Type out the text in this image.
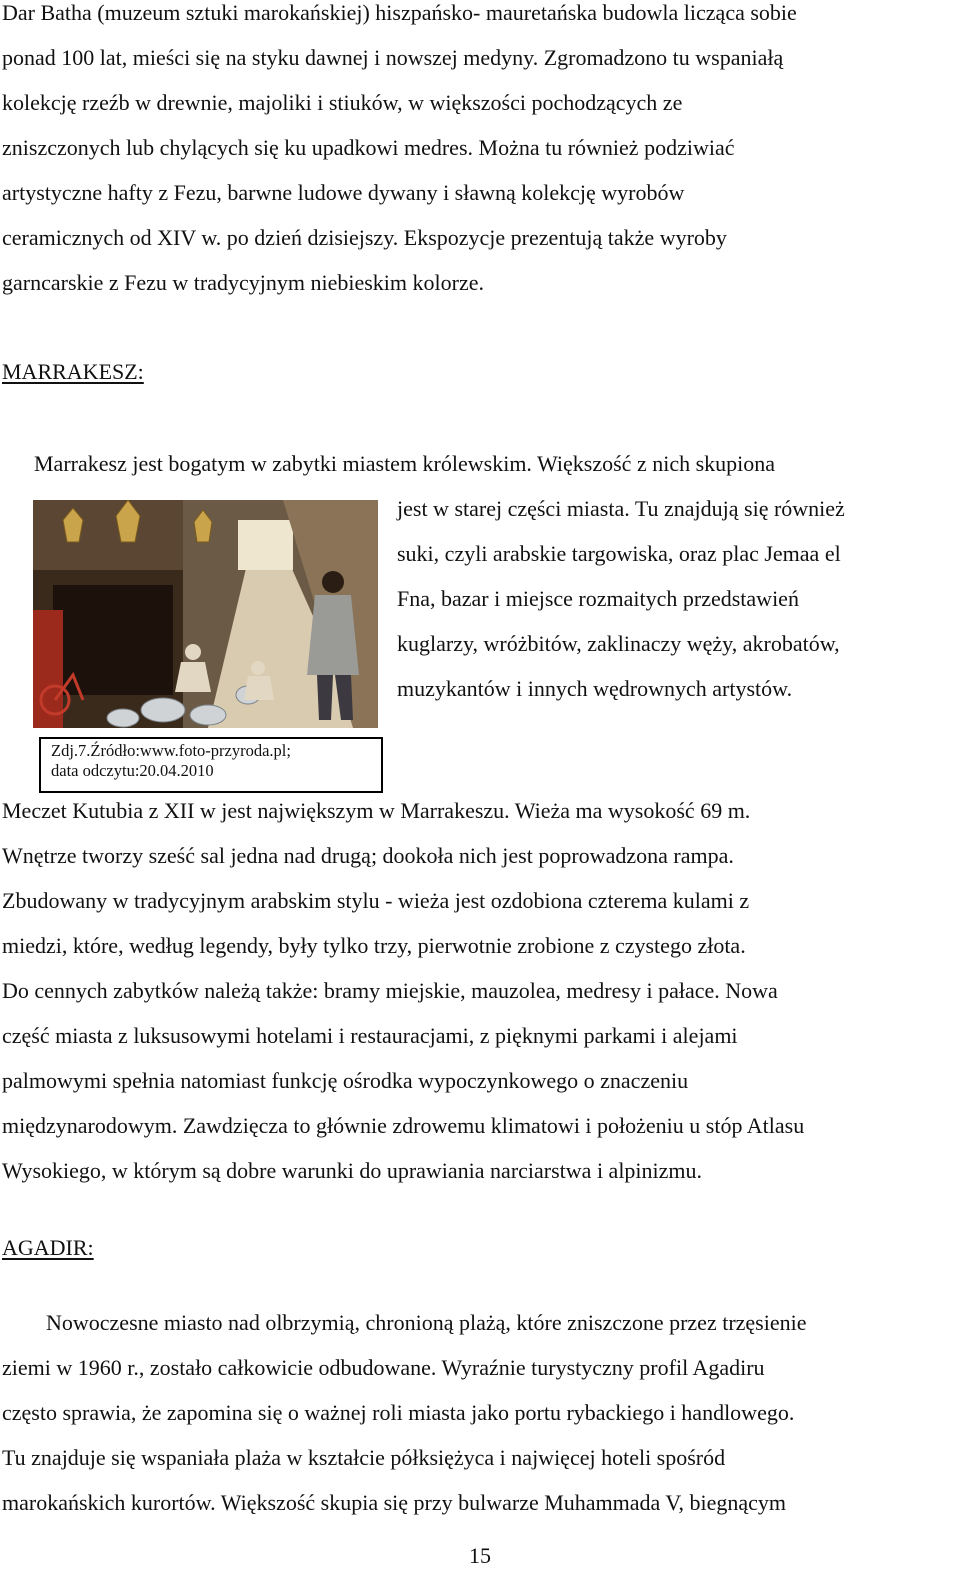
Dar Batha (muzeum sztuki marokańskiej) hiszpańsko- mauretańska budowla licząca sobie

ponad 100 lat, mieści się na styku dawnej i nowszej medyny. Zgromadzono tu wspaniałą

kolekcję rzeźb w drewnie, majoliki i stiuków, w większości pochodzących ze

zniszczonych lub chylących się ku upadkowi medres. Można tu również podziwiać

artystyczne hafty z Fezu, barwne ludowe dywany i sławną kolekcję wyrobów

ceramicznych od XIV w. po dzień dzisiejszy. Ekspozycje prezentują także wyroby

garncarskie z Fezu w tradycyjnym niebieskim kolorze.

MARRAKESZ:

Marrakesz jest bogatym w zabytki miastem królewskim. Większość z nich skupiona

jest w starej części miasta. Tu znajdują się również

suki, czyli arabskie targowiska, oraz plac Jemaa el

Fna, bazar i miejsce rozmaitych przedstawień

kuglarzy, wróżbitów, zaklinaczy węży, akrobatów,

muzykantów i innych wędrownych artystów.

Zdj.7.Źródło:www.foto-przyroda.pl;
data odczytu:20.04.2010

Meczet Kutubia z XII w jest największym w Marrakeszu. Wieża ma wysokość 69 m.

Wnętrze tworzy sześć sal jedna nad drugą; dookoła nich jest poprowadzona rampa.

Zbudowany w tradycyjnym arabskim stylu - wieża jest ozdobiona czterema kulami z

miedzi, które, według legendy, były tylko trzy, pierwotnie zrobione z czystego złota.

Do cennych zabytków należą także: bramy miejskie, mauzolea, medresy i pałace. Nowa

część miasta z luksusowymi hotelami i restauracjami, z pięknymi parkami i alejami

palmowymi spełnia natomiast funkcję ośrodka wypoczynkowego o znaczeniu

międzynarodowym. Zawdzięcza to głównie zdrowemu klimatowi i położeniu u stóp Atlasu

Wysokiego, w którym są dobre warunki do uprawiania narciarstwa i alpinizmu.

AGADIR:

Nowoczesne miasto nad olbrzymią, chronioną plażą, które zniszczone przez trzęsienie

ziemi w 1960 r., zostało całkowicie odbudowane. Wyraźnie turystyczny profil Agadiru

często sprawia, że zapomina się o ważnej roli miasta jako portu rybackiego i handlowego.

Tu znajduje się wspaniała plaża w kształcie półksiężyca i najwięcej hoteli spośród

marokańskich kurortów. Większość skupia się przy bulwarze Muhammada V, biegnącym

15
